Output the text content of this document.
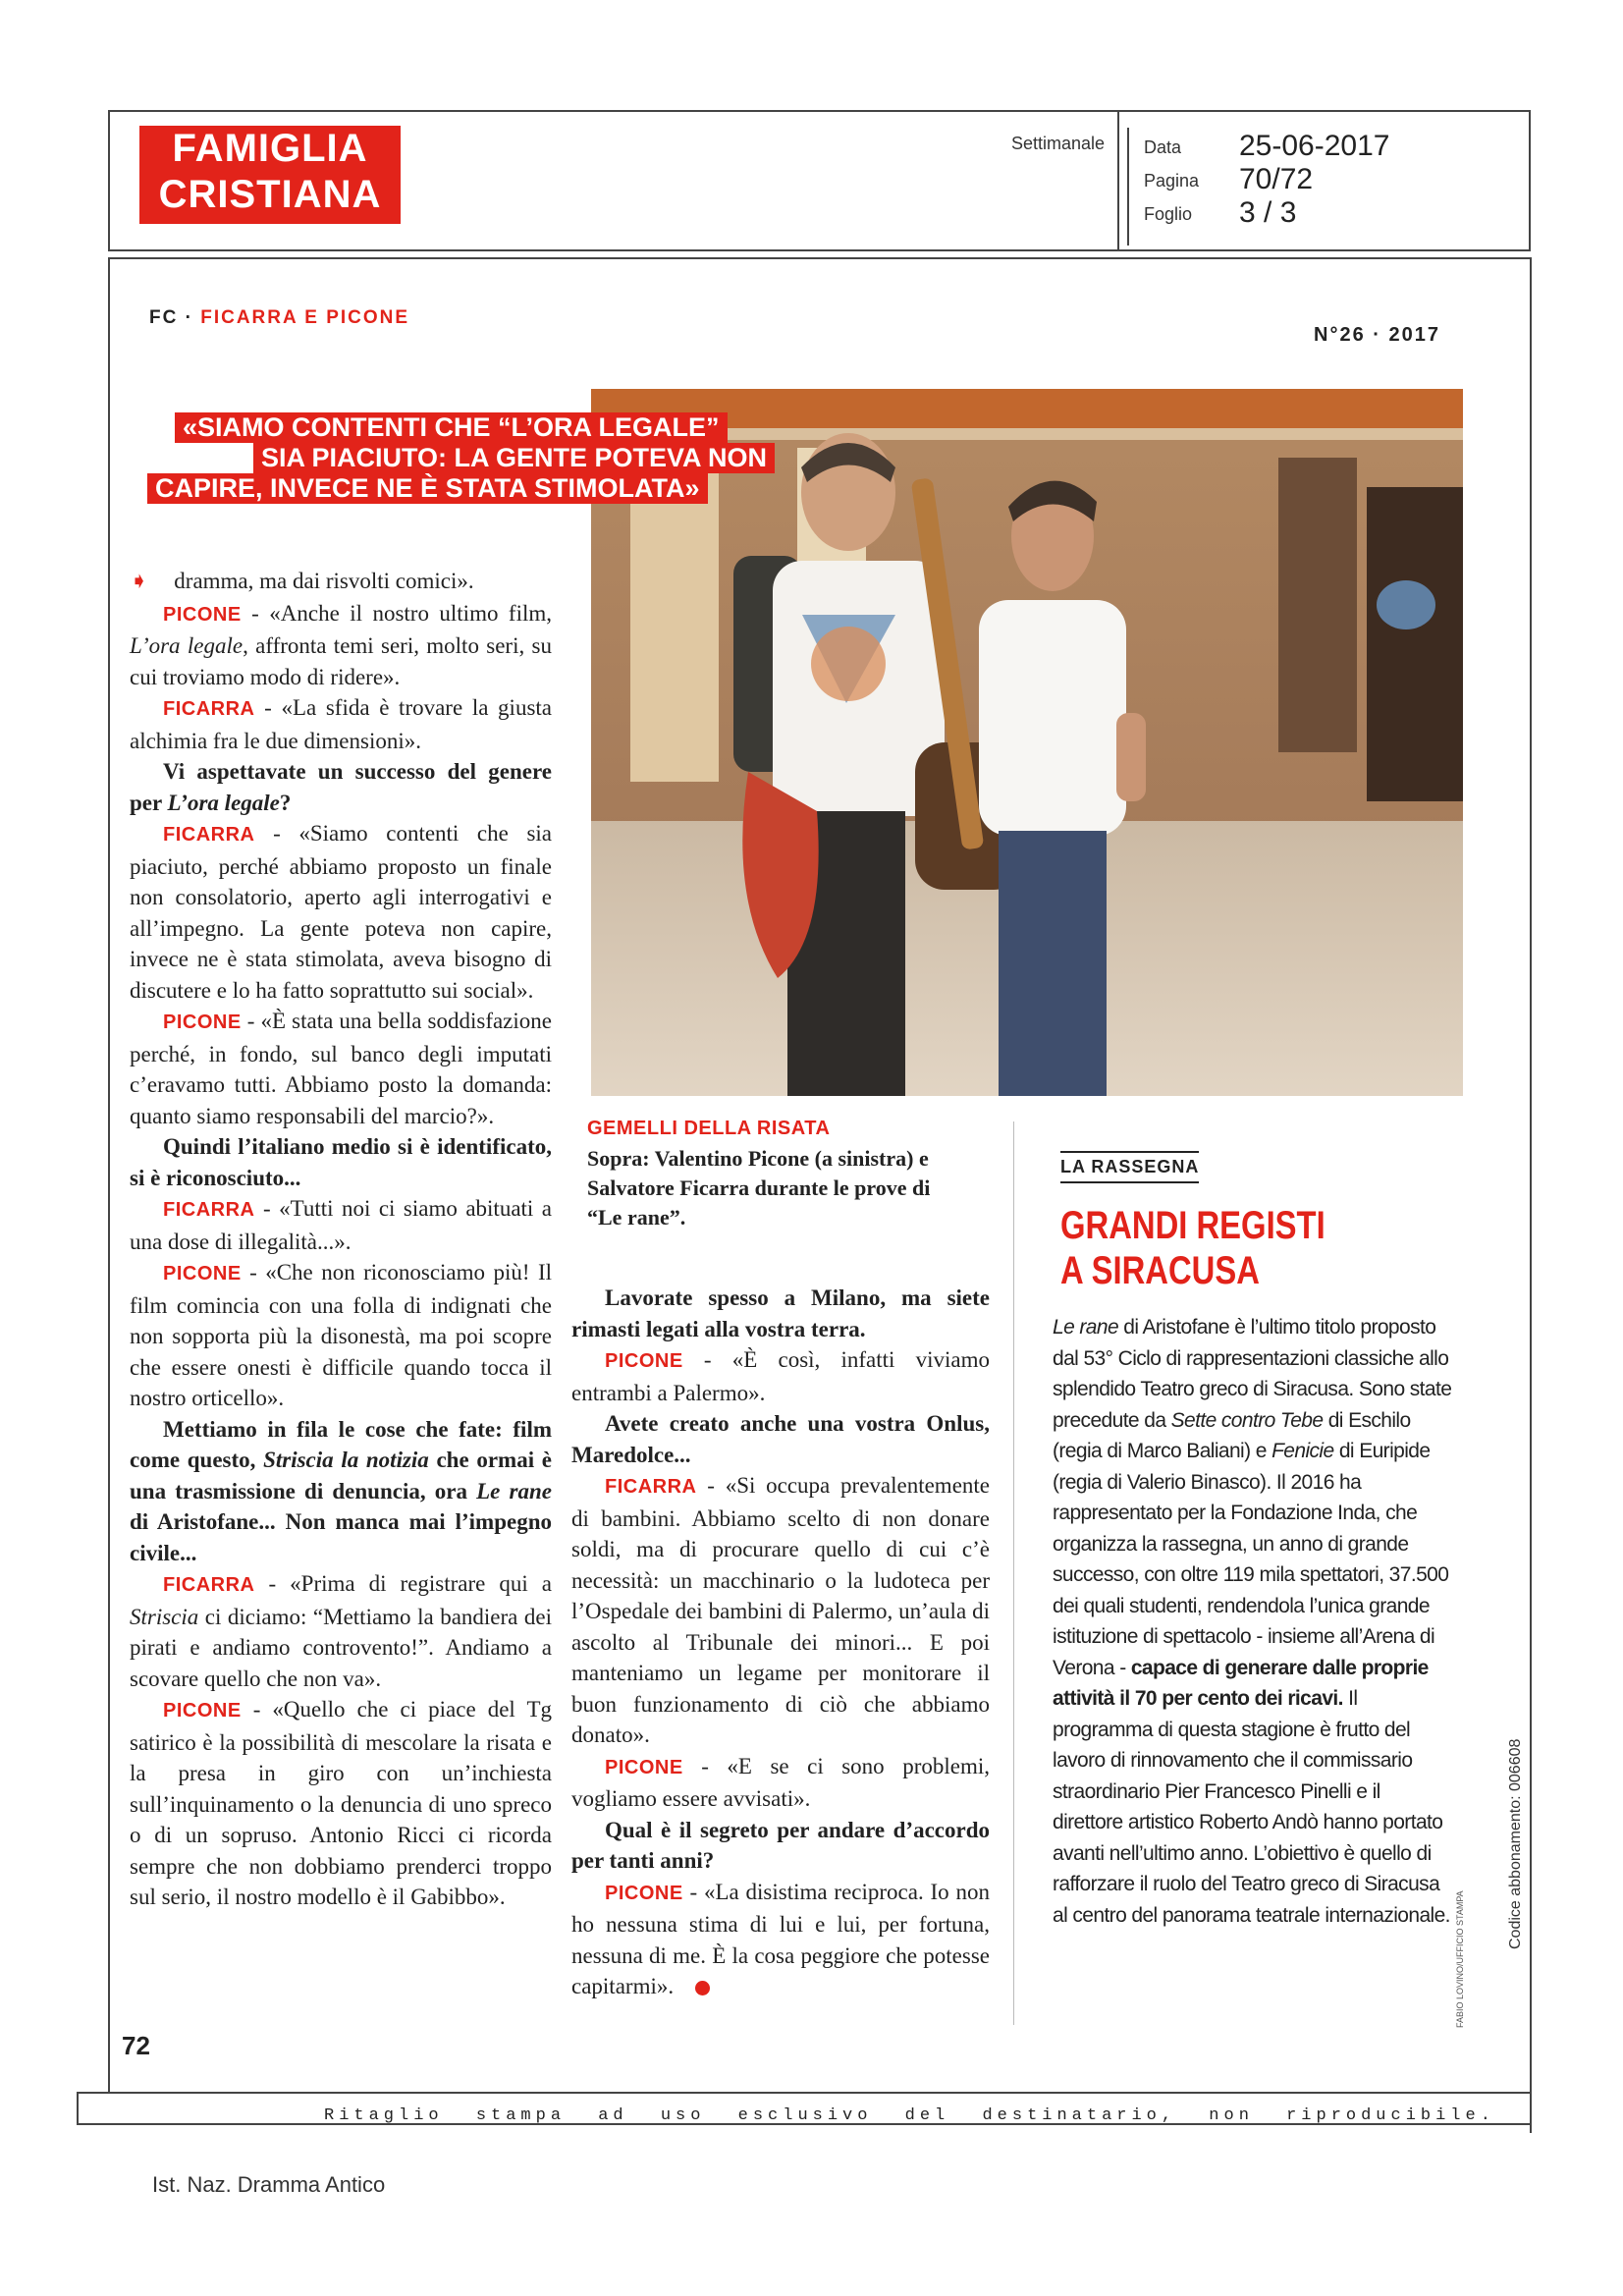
FAMIGLIA
CRISTIANA
Settimanale Data 25-06-2017
Pagina 70/72
Foglio 3 / 3
FC · FICARRA E PICONE
N°26 · 2017
«SIAMO CONTENTI CHE “L’ORA LEGALE”
SIA PIACIUTO: LA GENTE POTEVA NON
CAPIRE, INVECE NE È STATA STIMOLATA»

➧ dramma, ma dai risvolti comici».

PICONE - «Anche il nostro ultimo film, L’ora legale, affronta temi seri, molto seri, su cui troviamo modo di ridere».

FICARRA - «La sfida è trovare la giusta alchimia fra le due dimensioni».

Vi aspettavate un successo del genere per L’ora legale?

FICARRA - «Siamo contenti che sia piaciuto, perché abbiamo proposto un finale non consolatorio, aperto agli interrogativi e all’impegno. La gente poteva non capire, invece ne è stata stimolata, aveva bisogno di discutere e lo ha fatto soprattutto sui social».

PICONE - «È stata una bella soddisfazione perché, in fondo, sul banco degli imputati c’eravamo tutti. Abbiamo posto la domanda: quanto siamo responsabili del marcio?».

Quindi l’italiano medio si è identificato, si è riconosciuto...

FICARRA - «Tutti noi ci siamo abituati a una dose di illegalità...».

PICONE - «Che non riconosciamo più! Il film comincia con una folla di indignati che non sopporta più la disonestà, ma poi scopre che essere onesti è difficile quando tocca il nostro orticello».

Mettiamo in fila le cose che fate: film come questo, Striscia la notizia che ormai è una trasmissione di denuncia, ora Le rane di Aristofane... Non manca mai l’impegno civile...

FICARRA - «Prima di registrare qui a Striscia ci diciamo: “Mettiamo la bandiera dei pirati e andiamo controvento!”. Andiamo a scovare quello che non va».

PICONE - «Quello che ci piace del Tg satirico è la possibilità di mescolare la risata e la presa in giro con un’inchiesta sull’inquinamento o la denuncia di uno spreco o di un sopruso. Antonio Ricci ci ricorda sempre che non dobbiamo prenderci troppo sul serio, il nostro modello è il Gabibbo».

72
GEMELLI DELLA RISATA
Sopra: Valentino Picone (a sinistra) e Salvatore Ficarra durante le prove di “Le rane”.

Lavorate spesso a Milano, ma siete rimasti legati alla vostra terra.

PICONE - «È così, infatti viviamo entrambi a Palermo».

Avete creato anche una vostra Onlus, Maredolce...

FICARRA - «Si occupa prevalentemente di bambini. Abbiamo scelto di non donare soldi, ma di procurare quello di cui c’è necessità: un macchinario o la ludoteca per l’Ospedale dei bambini di Palermo, un’aula di ascolto al Tribunale dei minori... E poi manteniamo un legame per monitorare il buon funzionamento di ciò che abbiamo donato».

PICONE - «E se ci sono problemi, vogliamo essere avvisati».

Qual è il segreto per andare d’accordo per tanti anni?

PICONE - «La disistima reciproca. Io non ho nessuna stima di lui e lui, per fortuna, nessuna di me. È la cosa peggiore che potesse capitarmi».

LA RASSEGNA
GRANDI REGISTI
A SIRACUSA

Le rane di Aristofane è l’ultimo titolo proposto dal 53° Ciclo di rappresentazioni classiche allo splendido Teatro greco di Siracusa. Sono state precedute da Sette contro Tebe di Eschilo (regia di Marco Baliani) e Fenicie di Euripide (regia di Valerio Binasco). Il 2016 ha rappresentato per la Fondazione Inda, che organizza la rassegna, un anno di grande successo, con oltre 119 mila spettatori, 37.500 dei quali studenti, rendendola l’unica grande istituzione di spettacolo - insieme all’Arena di Verona - capace di generare dalle proprie attività il 70 per cento dei ricavi. Il programma di questa stagione è frutto del lavoro di rinnovamento che il commissario straordinario Pier Francesco Pinelli e il direttore artistico Roberto Andò hanno portato avanti nell’ultimo anno. L’obiettivo è quello di rafforzare il ruolo del Teatro greco di Siracusa al centro del panorama teatrale internazionale.

Ritaglio stampa ad uso esclusivo del destinatario, non riproducibile.
Ist. Naz. Dramma Antico
Codice abbonamento: 006608
FABIO LOVINO/UFFICIO STAMPA
